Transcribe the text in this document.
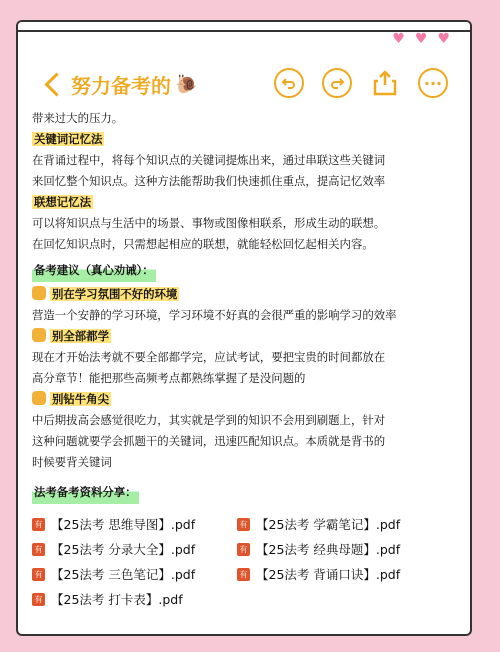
♥ ♥ ♥
努力备考的 🐌	···
带来过大的压力。
关键词记忆法
在背诵过程中，将每个知识点的关键词提炼出来，通过串联这些关键词
来回忆整个知识点。这种方法能帮助我们快速抓住重点，提高记忆效率
联想记忆法
可以将知识点与生活中的场景、事物或图像相联系，形成生动的联想。
在回忆知识点时，只需想起相应的联想，就能轻松回忆起相关内容。
备考建议（真心劝诫）：
别在学习氛围不好的环境
营造一个安静的学习环境，学习环境不好真的会很严重的影响学习的效率
别全部都学
现在才开始法考就不要全部都学完，应试考试，要把宝贵的时间都放在
高分章节！能把那些高频考点都熟练掌握了是没问题的
别钻牛角尖
中后期拔高会感觉很吃力，其实就是学到的知识不会用到刷题上，针对
这种问题就要学会抓题干的关键词，迅速匹配知识点。本质就是背书的
时候要背关键词
法考备考资料分享：
有 【25法考 思维导图】.pdf	有 【25法考 学霸笔记】.pdf
有 【25法考 分录大全】.pdf	有 【25法考 经典母题】.pdf
有 【25法考 三色笔记】.pdf	有 【25法考 背诵口诀】.pdf
有 【25法考 打卡表】.pdf
